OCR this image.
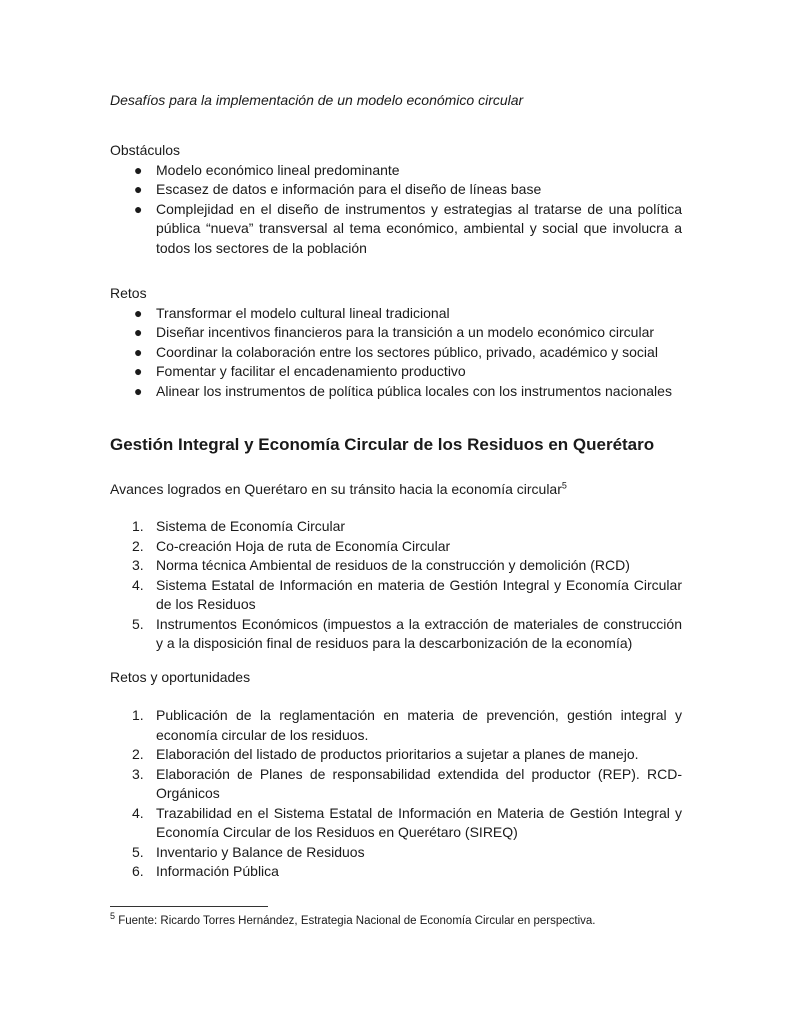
Desafíos para la implementación de un modelo económico circular
Obstáculos
● Modelo económico lineal predominante
● Escasez de datos e información para el diseño de líneas base
● Complejidad en el diseño de instrumentos y estrategias al tratarse de una política pública “nueva” transversal al tema económico, ambiental y social que involucra a todos los sectores de la población
Retos
● Transformar el modelo cultural lineal tradicional
● Diseñar incentivos financieros para la transición a un modelo económico circular
● Coordinar la colaboración entre los sectores público, privado, académico y social
● Fomentar y facilitar el encadenamiento productivo
● Alinear los instrumentos de política pública locales con los instrumentos nacionales
Gestión Integral y Economía Circular de los Residuos en Querétaro
Avances logrados en Querétaro en su tránsito hacia la economía circular$^5$
1. Sistema de Economía Circular
2. Co-creación Hoja de ruta de Economía Circular
3. Norma técnica Ambiental de residuos de la construcción y demolición (RCD)
4. Sistema Estatal de Información en materia de Gestión Integral y Economía Circular de los Residuos
5. Instrumentos Económicos (impuestos a la extracción de materiales de construcción y a la disposición final de residuos para la descarbonización de la economía)
Retos y oportunidades
1. Publicación de la reglamentación en materia de prevención, gestión integral y economía circular de los residuos.
2. Elaboración del listado de productos prioritarios a sujetar a planes de manejo.
3. Elaboración de Planes de responsabilidad extendida del productor (REP). RCD-Orgánicos
4. Trazabilidad en el Sistema Estatal de Información en Materia de Gestión Integral y Economía Circular de los Residuos en Querétaro (SIREQ)
5. Inventario y Balance de Residuos
6. Información Pública
$^5$ Fuente: Ricardo Torres Hernández, Estrategia Nacional de Economía Circular en perspectiva.
